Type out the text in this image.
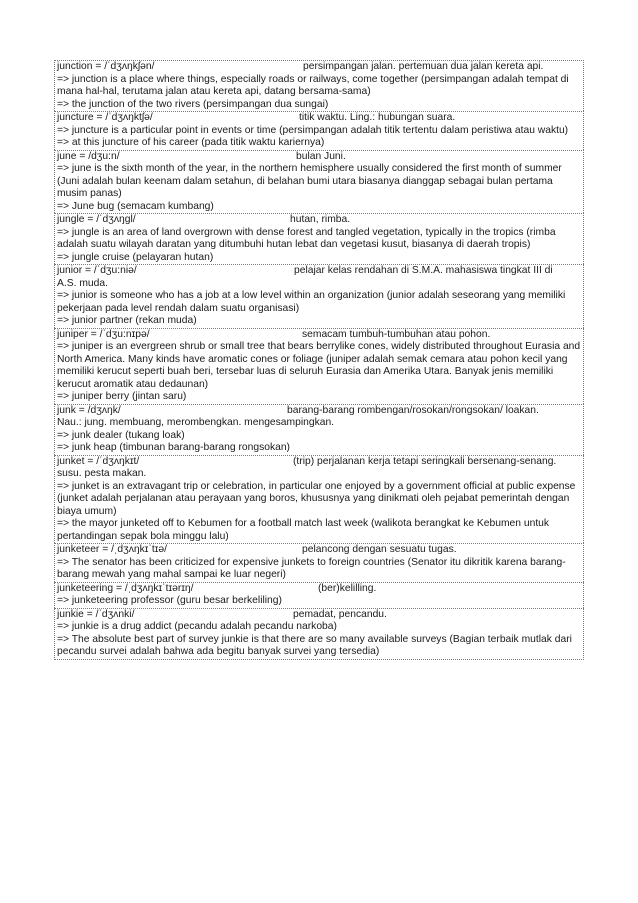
junction = /ˈdʒʌŋkʃən/	persimpangan jalan. pertemuan dua jalan kereta api.
=> junction is a place where things, especially roads or railways, come together (persimpangan adalah tempat di mana hal-hal, terutama jalan atau kereta api, datang bersama-sama)
=> the junction of the two rivers (persimpangan dua sungai)
juncture = /ˈdʒʌŋktʃə/	titik waktu. Ling.: hubungan suara.
=> juncture is a particular point in events or time (persimpangan adalah titik tertentu dalam peristiwa atau waktu)
=> at this juncture of his career (pada titik waktu kariernya)
june = /dʒu:n/	bulan Juni.
=> june is the sixth month of the year, in the northern hemisphere usually considered the first month of summer (Juni adalah bulan keenam dalam setahun, di belahan bumi utara biasanya dianggap sebagai bulan pertama musim panas)
=> June bug (semacam kumbang)
jungle = /ˈdʒʌŋgl/	hutan, rimba.
=> jungle is an area of land overgrown with dense forest and tangled vegetation, typically in the tropics (rimba adalah suatu wilayah daratan yang ditumbuhi hutan lebat dan vegetasi kusut, biasanya di daerah tropis)
=> jungle cruise (pelayaran hutan)
junior = /ˈdʒu:niə/	pelajar kelas rendahan di S.M.A. mahasiswa tingkat III di
A.S. muda.
=> junior is someone who has a job at a low level within an organization (junior adalah seseorang yang memiliki pekerjaan pada level rendah dalam suatu organisasi)
=> junior partner (rekan muda)
juniper = /ˈdʒu:nɪpə/	semacam tumbuh-tumbuhan atau pohon.
=> juniper is an evergreen shrub or small tree that bears berrylike cones, widely distributed throughout Eurasia and North America. Many kinds have aromatic cones or foliage (juniper adalah semak cemara atau pohon kecil yang memiliki kerucut seperti buah beri, tersebar luas di seluruh Eurasia dan Amerika Utara. Banyak jenis memiliki kerucut aromatik atau dedaunan)
=> juniper berry (jintan saru)
junk = /dʒʌŋk/	barang-barang rombengan/rosokan/rongsokan/ loakan.
Nau.: jung. membuang, merombengkan. mengesampingkan.
=> junk dealer (tukang loak)
=> junk heap (timbunan barang-barang rongsokan)
junket = /ˈdʒʌŋkɪt/	(trip) perjalanan kerja tetapi seringkali bersenang-senang.
susu. pesta makan.
=> junket is an extravagant trip or celebration, in particular one enjoyed by a government official at public expense (junket adalah perjalanan atau perayaan yang boros, khususnya yang dinikmati oleh pejabat pemerintah dengan biaya umum)
=> the mayor junketed off to Kebumen for a football match last week (walikota berangkat ke Kebumen untuk pertandingan sepak bola minggu lalu)
junketeer = /ˌdʒʌŋkɪˈtɪə/	pelancong dengan sesuatu tugas.
=> The senator has been criticized for expensive junkets to foreign countries (Senator itu dikritik karena barang-barang mewah yang mahal sampai ke luar negeri)
junketeering = /ˌdʒʌŋkɪˈtɪərɪŋ/	(ber)kelilling.
=> junketeering professor (guru besar berkeliling)
junkie = /ˈdʒʌnki/	pemadat, pencandu.
=> junkie is a drug addict (pecandu adalah pecandu narkoba)
=> The absolute best part of survey junkie is that there are so many available surveys (Bagian terbaik mutlak dari pecandu survei adalah bahwa ada begitu banyak survei yang tersedia)
